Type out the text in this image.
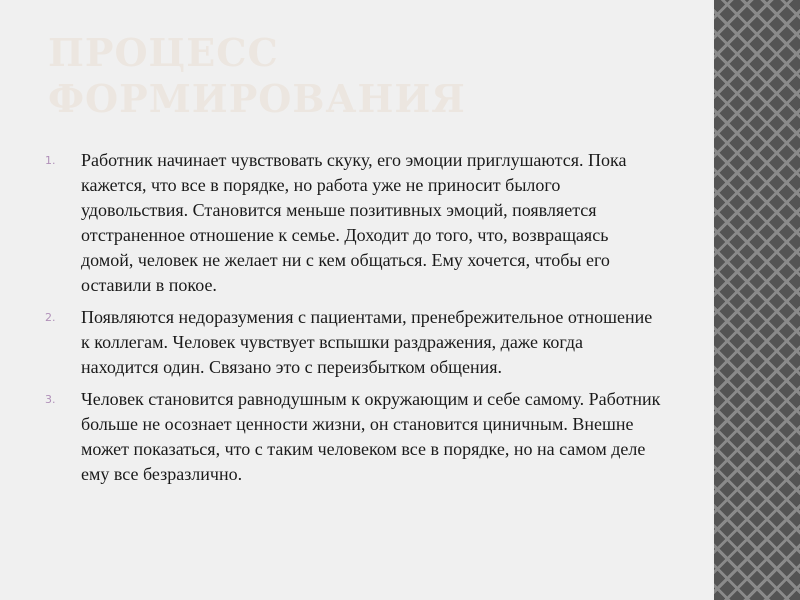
ПРОЦЕСС
ФОРМИРОВАНИЯ
1. Работник начинает чувствовать скуку, его эмоции приглушаются. Пока кажется, что все в порядке, но работа уже не приносит былого удовольствия. Становится меньше позитивных эмоций, появляется отстраненное отношение к семье. Доходит до того, что, возвращаясь домой, человек не желает ни с кем общаться. Ему хочется, чтобы его оставили в покое.
2. Появляются недоразумения с пациентами, пренебрежительное отношение к коллегам. Человек чувствует вспышки раздражения, даже когда находится один. Связано это с переизбытком общения.
3. Человек становится равнодушным к окружающим и себе самому. Работник больше не осознает ценности жизни, он становится циничным. Внешне может показаться, что с таким человеком все в порядке, но на самом деле ему все безразлично.
